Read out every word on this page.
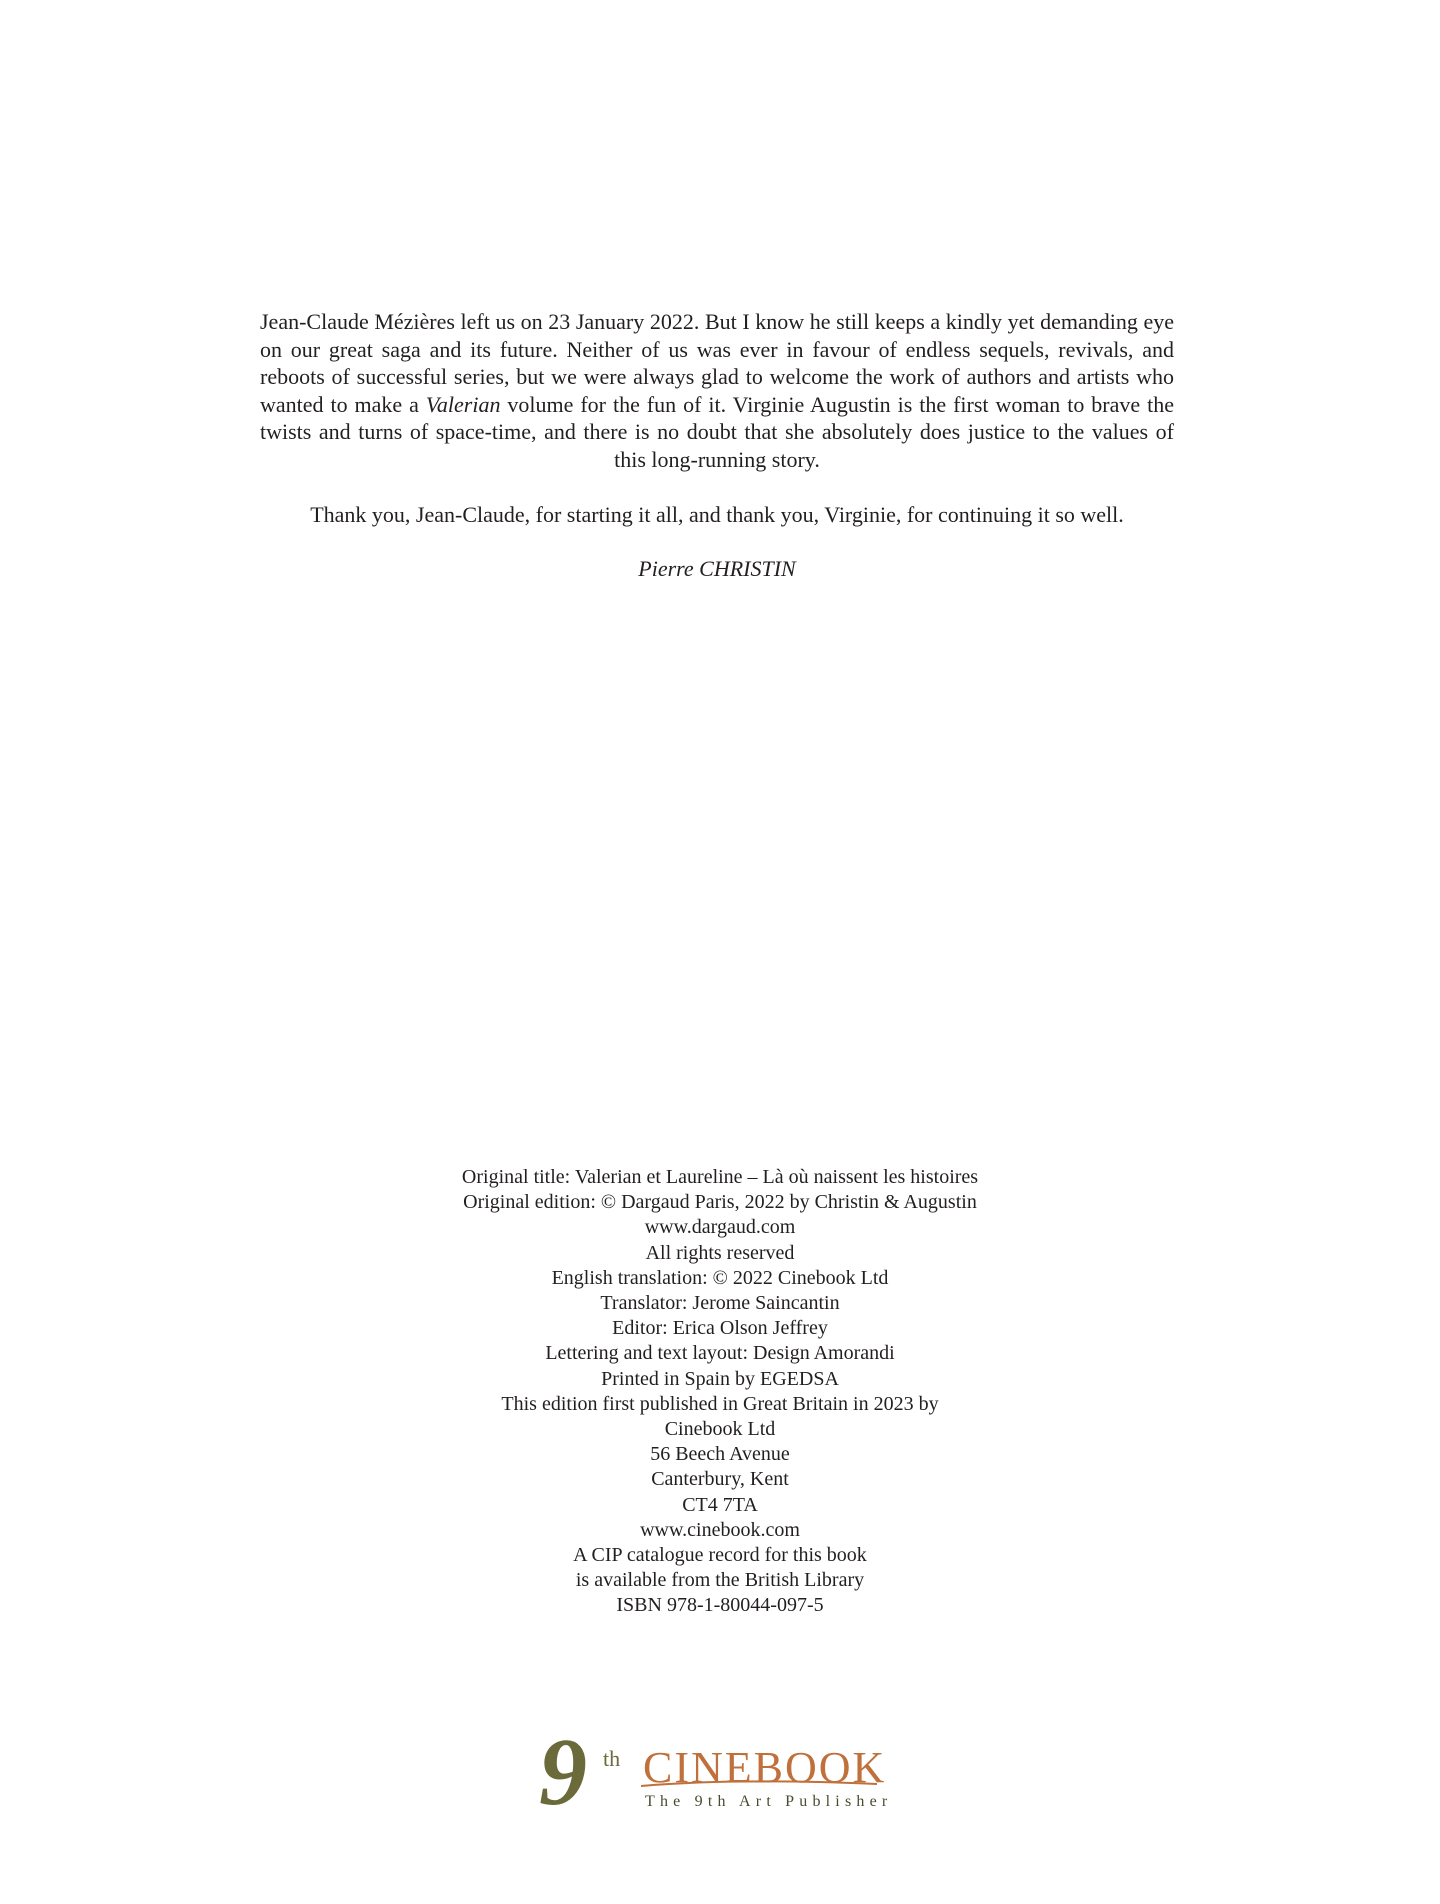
Jean-Claude Mézières left us on 23 January 2022. But I know he still keeps a kindly yet demanding eye on our great saga and its future. Neither of us was ever in favour of endless sequels, revivals, and reboots of successful series, but we were always glad to welcome the work of authors and artists who wanted to make a Valerian volume for the fun of it. Virginie Augustin is the first woman to brave the twists and turns of space-time, and there is no doubt that she absolutely does justice to the values of this long-running story.

Thank you, Jean-Claude, for starting it all, and thank you, Virginie, for continuing it so well.

Pierre CHRISTIN

Original title: Valerian et Laureline – Là où naissent les histoires
Original edition: © Dargaud Paris, 2022 by Christin & Augustin
www.dargaud.com
All rights reserved
English translation: © 2022 Cinebook Ltd
Translator: Jerome Saincantin
Editor: Erica Olson Jeffrey
Lettering and text layout: Design Amorandi
Printed in Spain by EGEDSA
This edition first published in Great Britain in 2023 by
Cinebook Ltd
56 Beech Avenue
Canterbury, Kent
CT4 7TA
www.cinebook.com
A CIP catalogue record for this book
is available from the British Library
ISBN 978-1-80044-097-5
9 th CINEBOOK
The 9th Art Publisher
